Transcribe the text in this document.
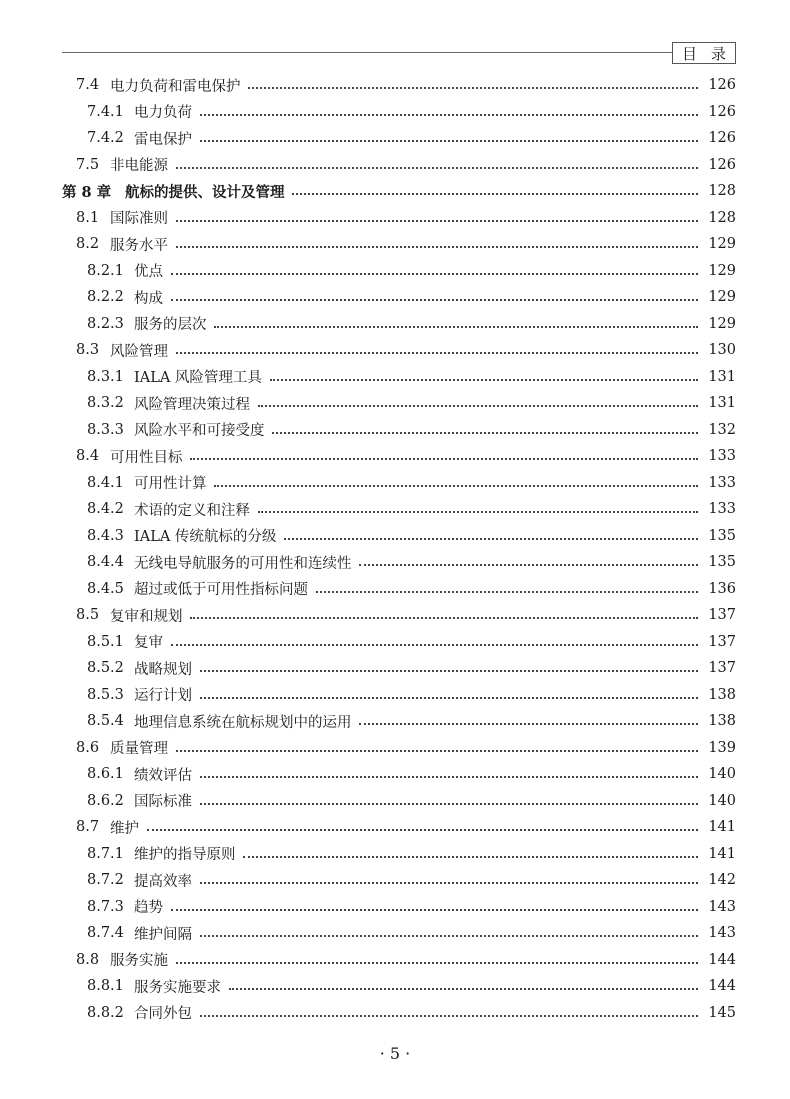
目 录
7.4 电力负荷和雷电保护	126
7.4.1 电力负荷	126
7.4.2 雷电保护	126
7.5 非电能源	126
第 8 章 航标的提供、设计及管理	128
8.1 国际准则	128
8.2 服务水平	129
8.2.1 优点	129
8.2.2 构成	129
8.2.3 服务的层次	129
8.3 风险管理	130
8.3.1 IALA 风险管理工具	131
8.3.2 风险管理决策过程	131
8.3.3 风险水平和可接受度	132
8.4 可用性目标	133
8.4.1 可用性计算	133
8.4.2 术语的定义和注释	133
8.4.3 IALA 传统航标的分级	135
8.4.4 无线电导航服务的可用性和连续性	135
8.4.5 超过或低于可用性指标问题	136
8.5 复审和规划	137
8.5.1 复审	137
8.5.2 战略规划	137
8.5.3 运行计划	138
8.5.4 地理信息系统在航标规划中的运用	138
8.6 质量管理	139
8.6.1 绩效评估	140
8.6.2 国际标准	140
8.7 维护	141
8.7.1 维护的指导原则	141
8.7.2 提高效率	142
8.7.3 趋势	143
8.7.4 维护间隔	143
8.8 服务实施	144
8.8.1 服务实施要求	144
8.8.2 合同外包	145
· 5 ·
